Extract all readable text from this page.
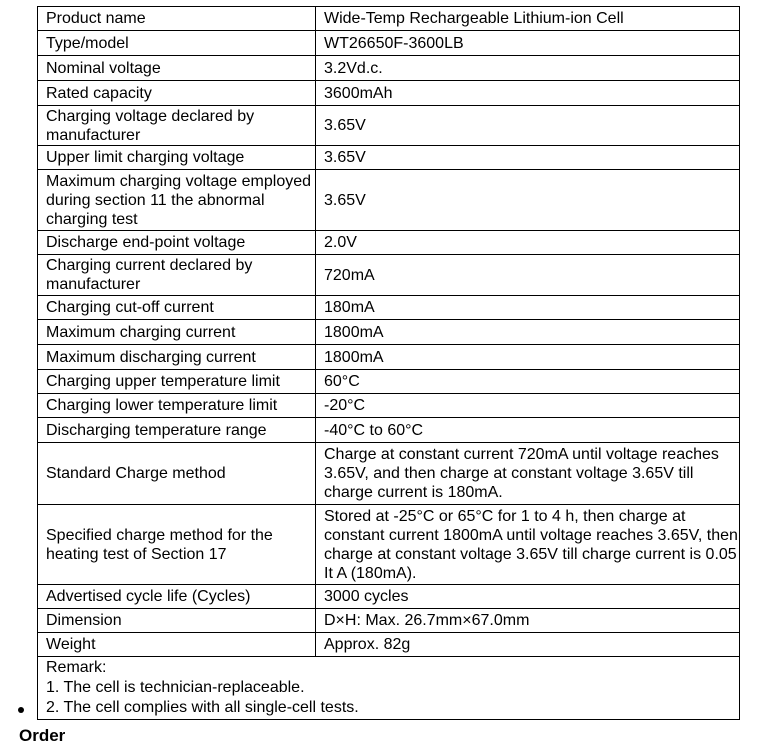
Product name	Wide-Temp Rechargeable Lithium-ion Cell
Type/model	WT26650F-3600LB
Nominal voltage	3.2Vd.c.
Rated capacity	3600mAh
Charging voltage declared by manufacturer	3.65V
Upper limit charging voltage	3.65V
Maximum charging voltage employed during section 11 the abnormal charging test	3.65V
Discharge end-point voltage	2.0V
Charging current declared by manufacturer	720mA
Charging cut-off current	180mA
Maximum charging current	1800mA
Maximum discharging current	1800mA
Charging upper temperature limit	60°C
Charging lower temperature limit	-20°C
Discharging temperature range	-40°C to 60°C
Standard Charge method	Charge at constant current 720mA until voltage reaches 3.65V, and then charge at constant voltage 3.65V till charge current is 180mA.
Specified charge method for the heating test of Section 17	Stored at -25°C or 65°C for 1 to 4 h, then charge at constant current 1800mA until voltage reaches 3.65V, then charge at constant voltage 3.65V till charge current is 0.05 It A (180mA).
Advertised cycle life (Cycles)	3000 cycles
Dimension	D×H: Max. 26.7mm×67.0mm
Weight	Approx. 82g

Remark:
1. The cell is technician-replaceable.
2. The cell complies with all single-cell tests.	
Order
